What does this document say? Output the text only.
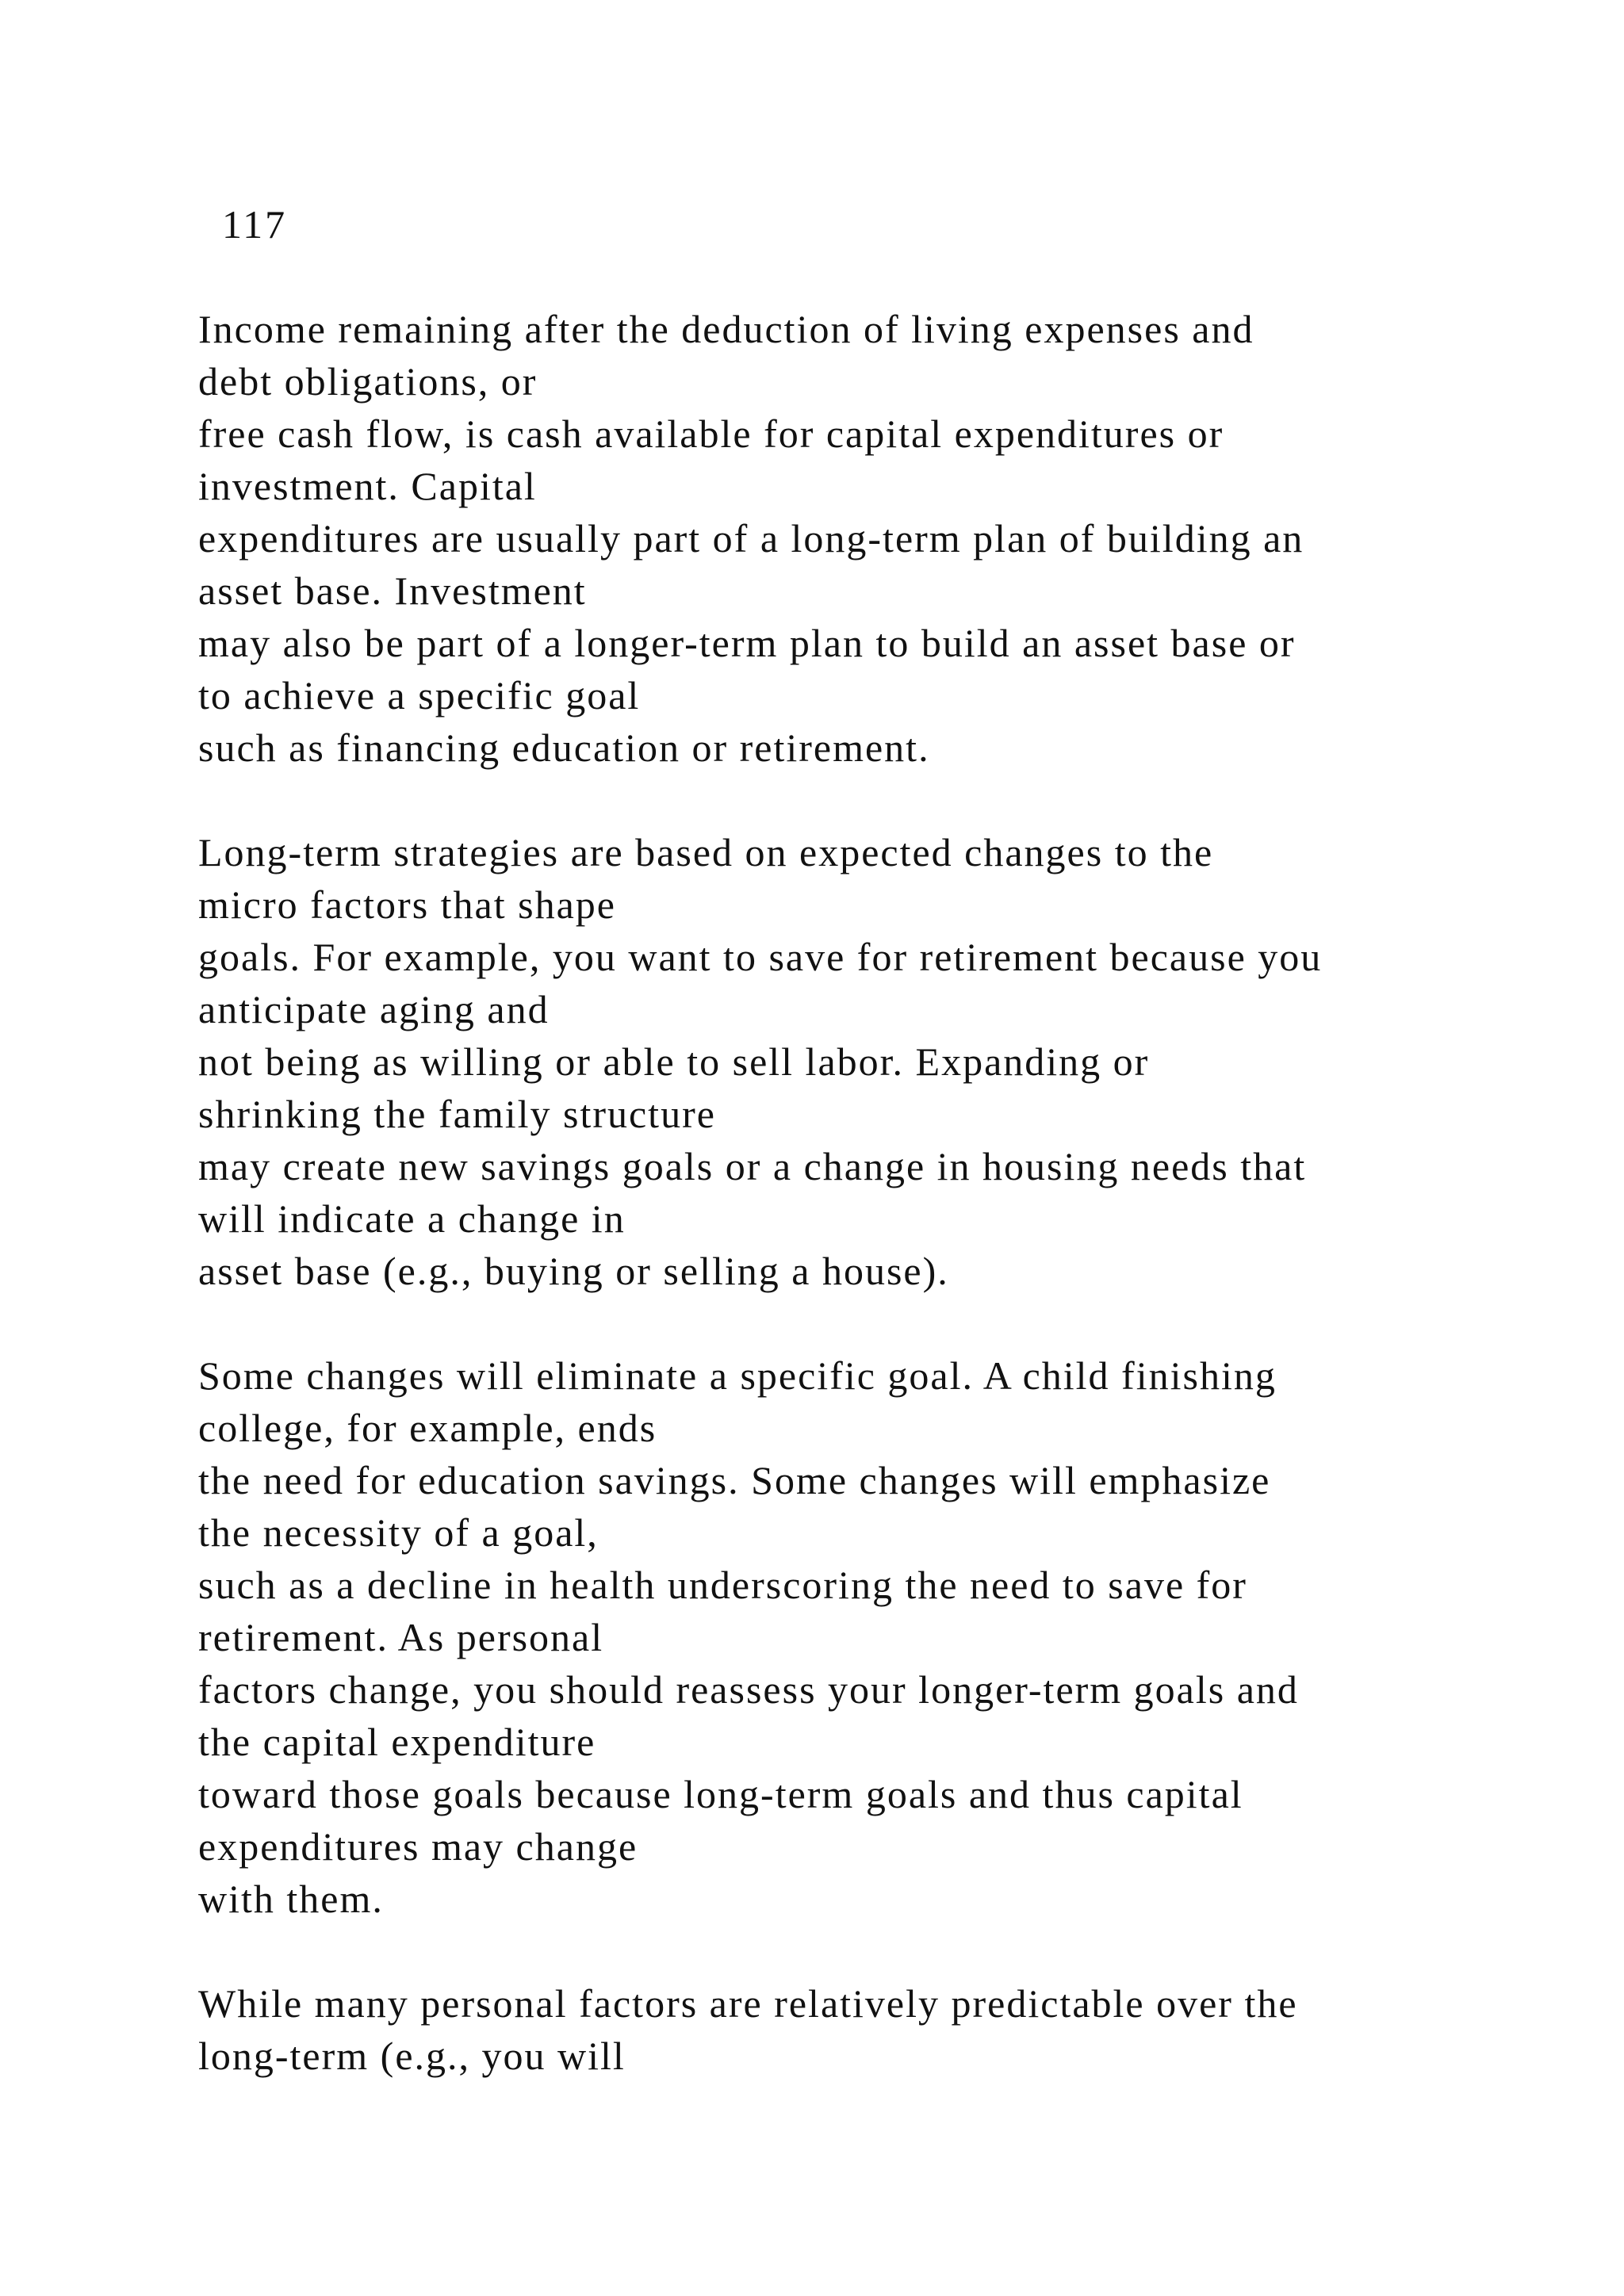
117
Income remaining after the deduction of living expenses and
debt obligations, or
free cash flow, is cash available for capital expenditures or
investment. Capital
expenditures are usually part of a long-term plan of building an
asset base. Investment
may also be part of a longer-term plan to build an asset base or
to achieve a specific goal
such as financing education or retirement.
Long-term strategies are based on expected changes to the
micro factors that shape
goals. For example, you want to save for retirement because you
anticipate aging and
not being as willing or able to sell labor. Expanding or
shrinking the family structure
may create new savings goals or a change in housing needs that
will indicate a change in
asset base (e.g., buying or selling a house).
Some changes will eliminate a specific goal. A child finishing
college, for example, ends
the need for education savings. Some changes will emphasize
the necessity of a goal,
such as a decline in health underscoring the need to save for
retirement. As personal
factors change, you should reassess your longer-term goals and
the capital expenditure
toward those goals because long-term goals and thus capital
expenditures may change
with them.
While many personal factors are relatively predictable over the
long-term (e.g., you will
